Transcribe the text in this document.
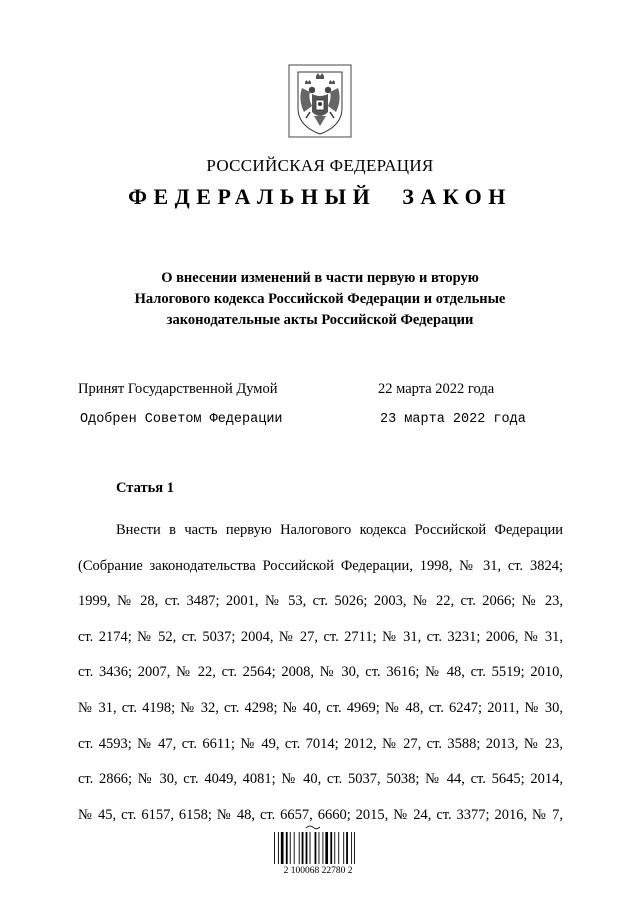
РОССИЙСКАЯ ФЕДЕРАЦИЯ
ФЕДЕРАЛЬНЫЙ ЗАКОН
О внесении изменений в части первую и вторую
Налогового кодекса Российской Федерации и отдельные
законодательные акты Российской Федерации
Принят Государственной Думой	22 марта 2022 года
Одобрен Советом Федерации	23 марта 2022 года
Статья 1
Внести в часть первую Налогового кодекса Российской Федерации
(Собрание законодательства Российской Федерации, 1998, № 31, ст. 3824;
1999, № 28, ст. 3487; 2001, № 53, ст. 5026; 2003, № 22, ст. 2066; № 23,
ст. 2174; № 52, ст. 5037; 2004, № 27, ст. 2711; № 31, ст. 3231; 2006, № 31,
ст. 3436; 2007, № 22, ст. 2564; 2008, № 30, ст. 3616; № 48, ст. 5519; 2010,
№ 31, ст. 4198; № 32, ст. 4298; № 40, ст. 4969; № 48, ст. 6247; 2011, № 30,
ст. 4593; № 47, ст. 6611; № 49, ст. 7014; 2012, № 27, ст. 3588; 2013, № 23,
ст. 2866; № 30, ст. 4049, 4081; № 40, ст. 5037, 5038; № 44, ст. 5645; 2014,
№ 45, ст. 6157, 6158; № 48, ст. 6657, 6660; 2015, № 24, ст. 3377; 2016, № 7,
2 100068 22780 2
